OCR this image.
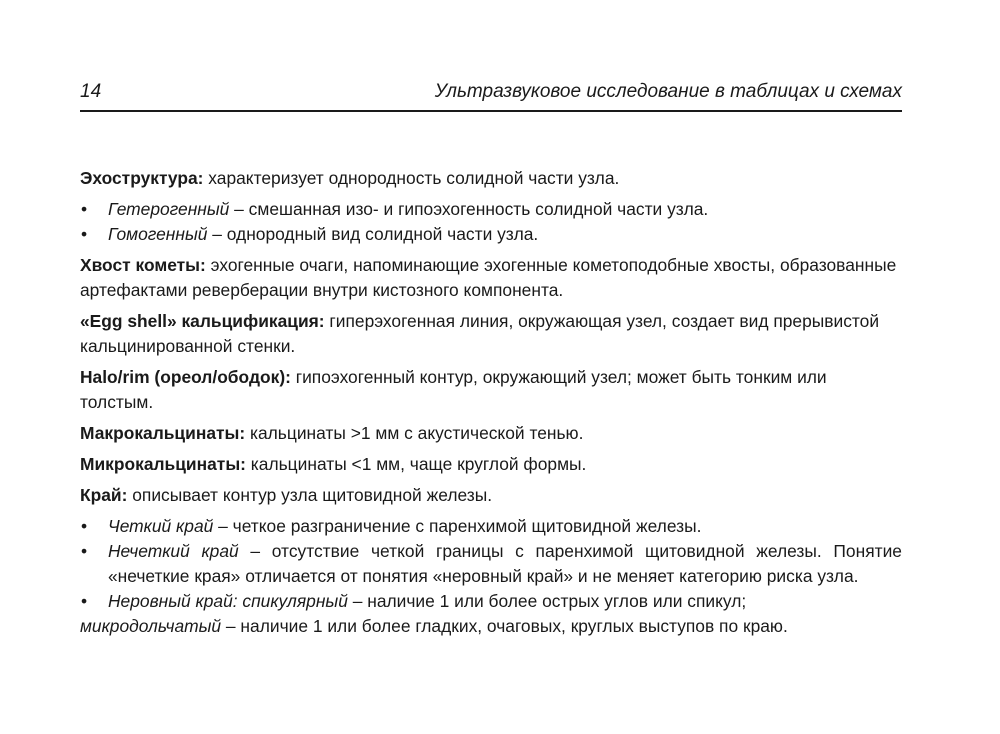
14	Ультразвуковое исследование в таблицах и схемах

Эхоструктура: характеризует однородность солидной части узла.

• Гетерогенный – смешанная изо- и гипоэхогенность солидной части узла.
• Гомогенный – однородный вид солидной части узла.

Хвост кометы: эхогенные очаги, напоминающие эхогенные кометоподобные хвосты, образованные артефактами реверберации внутри кистозного компонента.

«Egg shell» кальцификация: гиперэхогенная линия, окружающая узел, создает вид прерывистой кальцинированной стенки.

Halo/rim (ореол/ободок): гипоэхогенный контур, окружающий узел; может быть тонким или толстым.

Макрокальцинаты: кальцинаты >1 мм с акустической тенью.

Микрокальцинаты: кальцинаты <1 мм, чаще круглой формы.

Край: описывает контур узла щитовидной железы.

• Четкий край – четкое разграничение с паренхимой щитовидной железы.
• Нечеткий край – отсутствие четкой границы с паренхимой щитовидной железы. Понятие «нечеткие края» отличается от понятия «неровный край» и не меняет категорию риска узла.
• Неровный край: спикулярный – наличие 1 или более острых углов или спикул;

микродольчатый – наличие 1 или более гладких, очаговых, круглых выступов по краю.
